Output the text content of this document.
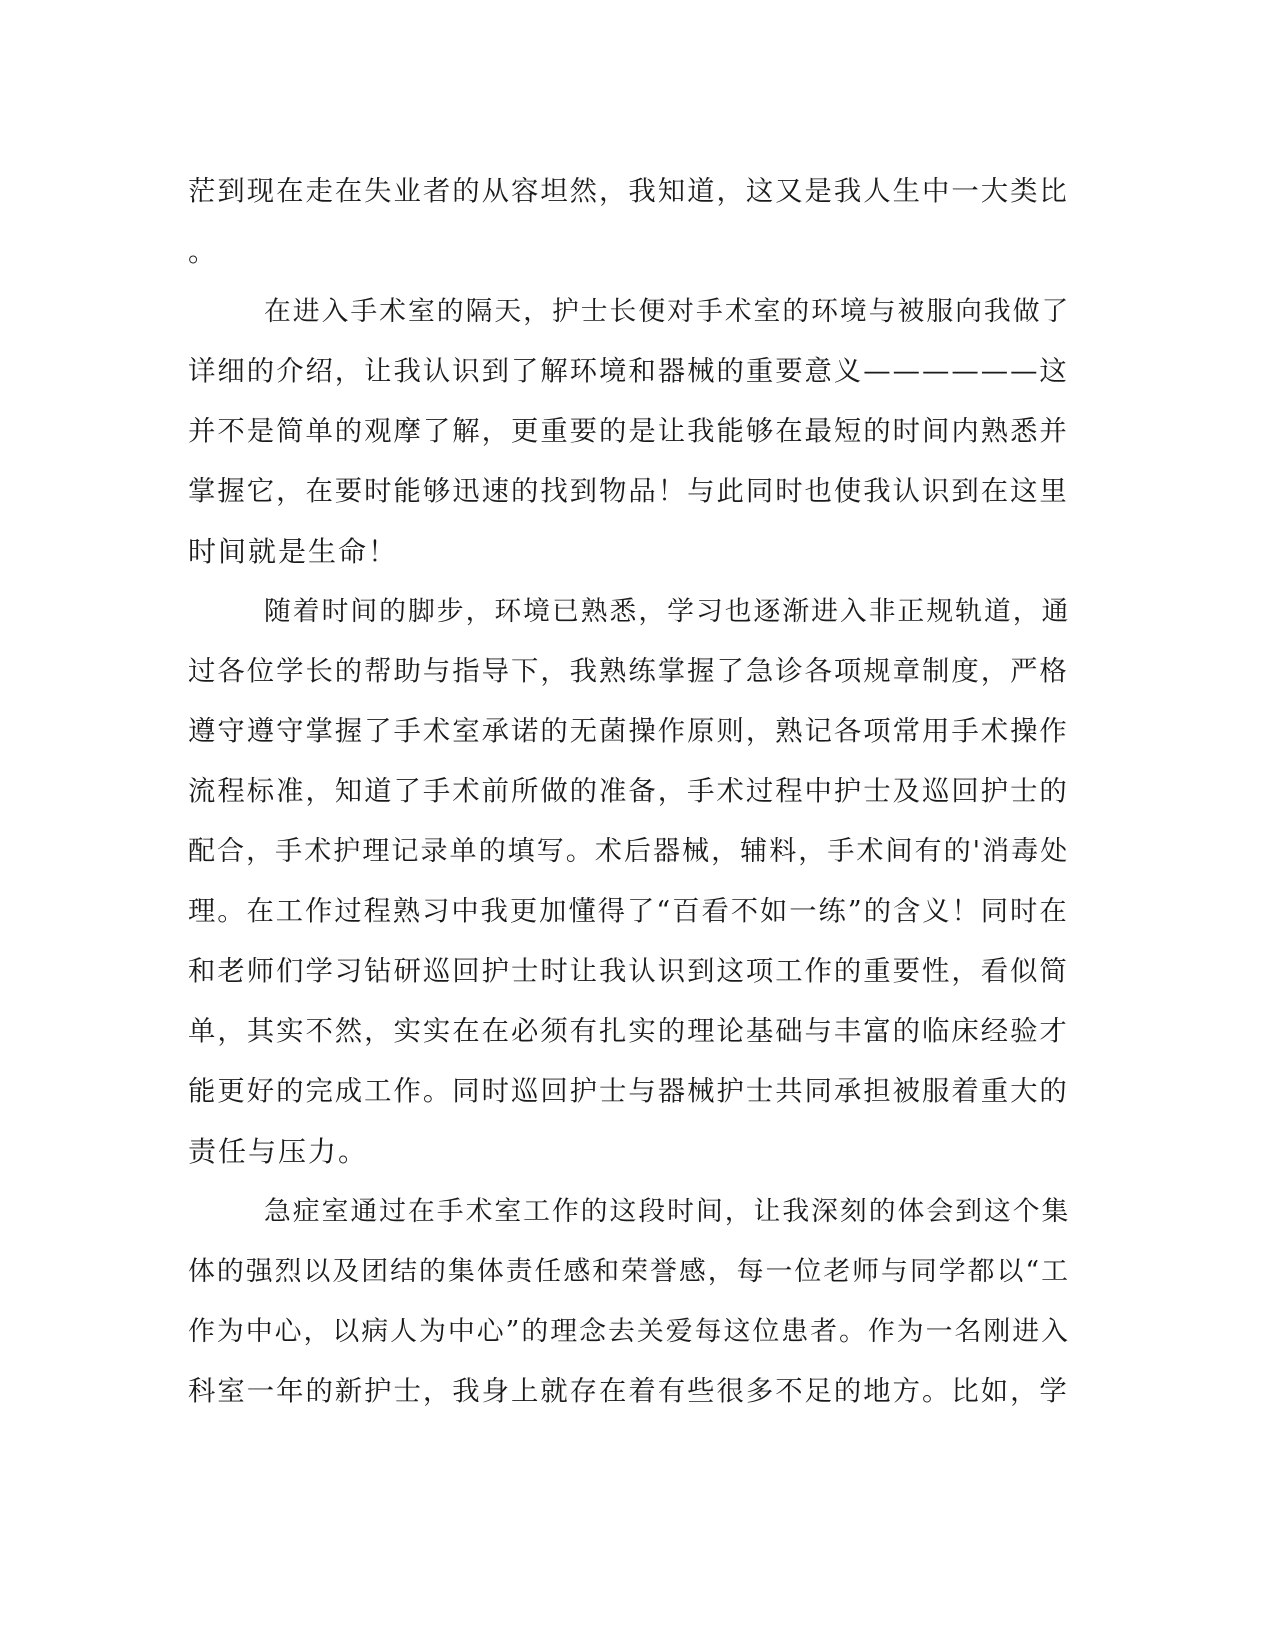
茫到现在走在失业者的从容坦然，我知道，这又是我人生中一大类比
。
在进入手术室的隔天，护士长便对手术室的环境与被服向我做了
详细的介绍，让我认识到了解环境和器械的重要意义——————这
并不是简单的观摩了解，更重要的是让我能够在最短的时间内熟悉并
掌握它，在要时能够迅速的找到物品！与此同时也使我认识到在这里
时间就是生命！
随着时间的脚步，环境已熟悉，学习也逐渐进入非正规轨道，通
过各位学长的帮助与指导下，我熟练掌握了急诊各项规章制度，严格
遵守遵守掌握了手术室承诺的无菌操作原则，熟记各项常用手术操作
流程标准，知道了手术前所做的准备，手术过程中护士及巡回护士的
配合，手术护理记录单的填写。术后器械，辅料，手术间有的'消毒处
理。在工作过程熟习中我更加懂得了“百看不如一练”的含义！同时在
和老师们学习钻研巡回护士时让我认识到这项工作的重要性，看似简
单，其实不然，实实在在必须有扎实的理论基础与丰富的临床经验才
能更好的完成工作。同时巡回护士与器械护士共同承担被服着重大的
责任与压力。
急症室通过在手术室工作的这段时间，让我深刻的体会到这个集
体的强烈以及团结的集体责任感和荣誉感，每一位老师与同学都以“工
作为中心，以病人为中心”的理念去关爱每这位患者。作为一名刚进入
科室一年的新护士，我身上就存在着有些很多不足的地方。比如，学
